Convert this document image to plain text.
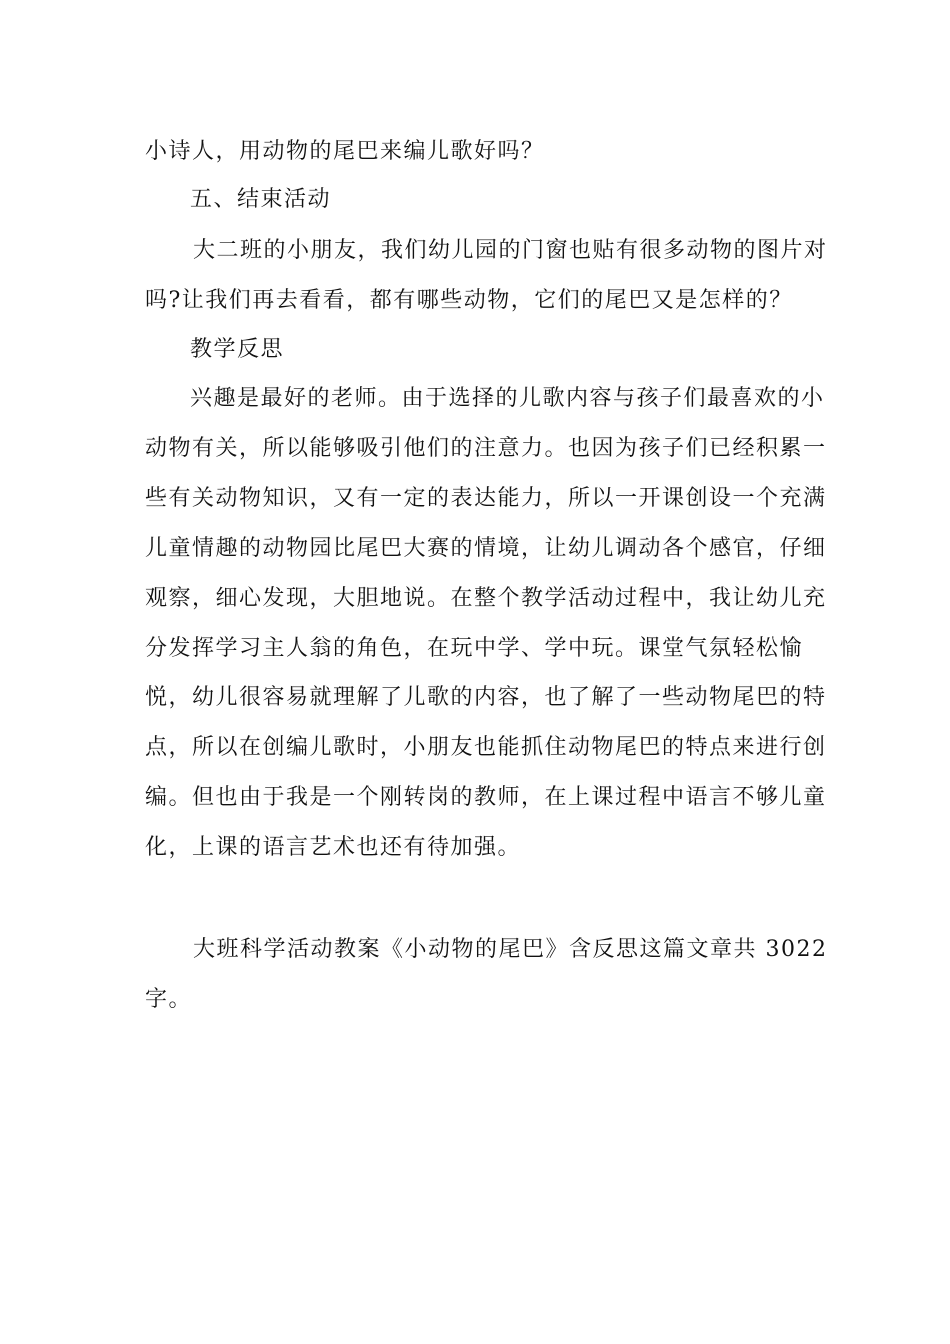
小诗人，用动物的尾巴来编儿歌好吗？
五、结束活动
大二班的小朋友，我们幼儿园的门窗也贴有很多动物的图片对
吗?让我们再去看看，都有哪些动物，它们的尾巴又是怎样的？
教学反思
兴趣是最好的老师。由于选择的儿歌内容与孩子们最喜欢的小
动物有关，所以能够吸引他们的注意力。也因为孩子们已经积累一
些有关动物知识，又有一定的表达能力，所以一开课创设一个充满
儿童情趣的动物园比尾巴大赛的情境，让幼儿调动各个感官，仔细
观察，细心发现，大胆地说。在整个教学活动过程中，我让幼儿充
分发挥学习主人翁的角色，在玩中学、学中玩。课堂气氛轻松愉
悦，幼儿很容易就理解了儿歌的内容，也了解了一些动物尾巴的特
点，所以在创编儿歌时，小朋友也能抓住动物尾巴的特点来进行创
编。但也由于我是一个刚转岗的教师，在上课过程中语言不够儿童
化，上课的语言艺术也还有待加强。
大班科学活动教案《小动物的尾巴》含反思这篇文章共 3022
字。
